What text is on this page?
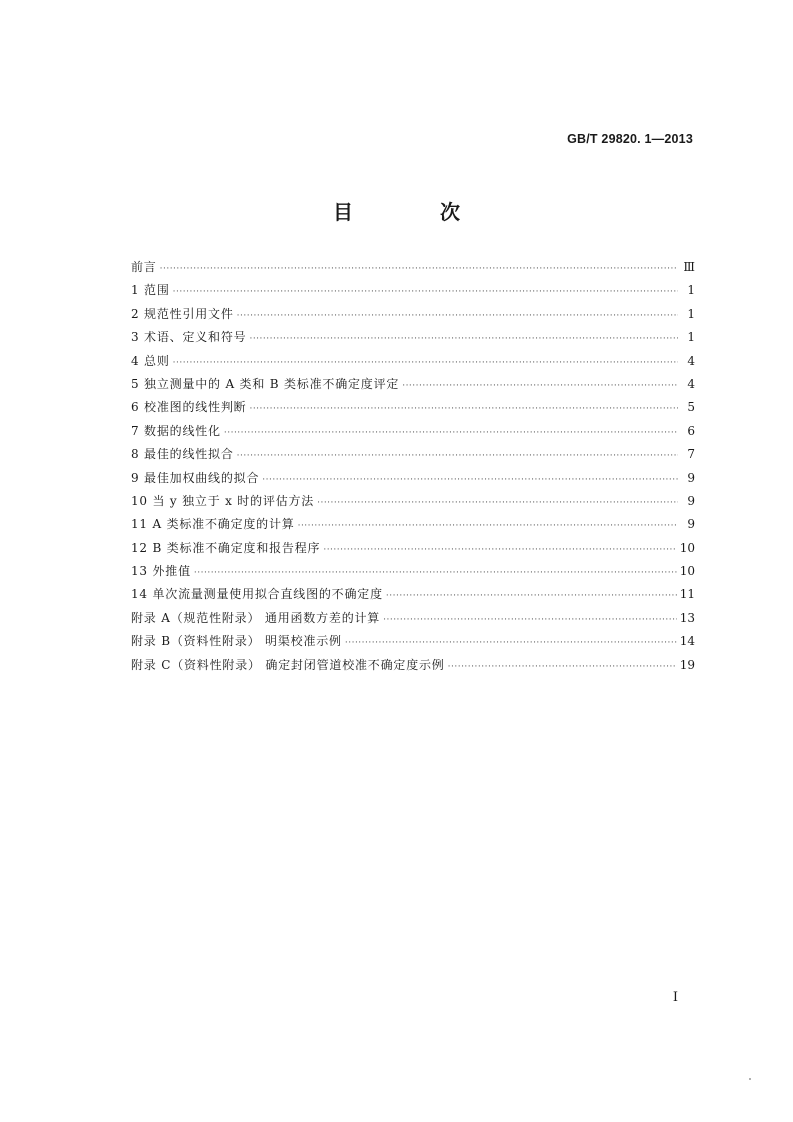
GB/T 29820. 1—2013
目 次
前言 ·····	Ⅲ
1 范围 ·····	1
2 规范性引用文件 ·····	1
3 术语、定义和符号 ·····	1
4 总则 ·····	4
5 独立测量中的 A 类和 B 类标准不确定度评定 ·····	4
6 校准图的线性判断 ·····	5
7 数据的线性化 ·····	6
8 最佳的线性拟合 ·····	7
9 最佳加权曲线的拟合 ·····	9
10 当 y 独立于 x 时的评估方法 ·····	9
11 A 类标准不确定度的计算 ·····	9
12 B 类标准不确定度和报告程序 ·····	10
13 外推值 ·····	10
14 单次流量测量使用拟合直线图的不确定度 ·····	11
附录 A（规范性附录） 通用函数方差的计算 ·····	13
附录 B（资料性附录） 明渠校准示例 ·····	14
附录 C（资料性附录） 确定封闭管道校准不确定度示例 ·····	19
I
